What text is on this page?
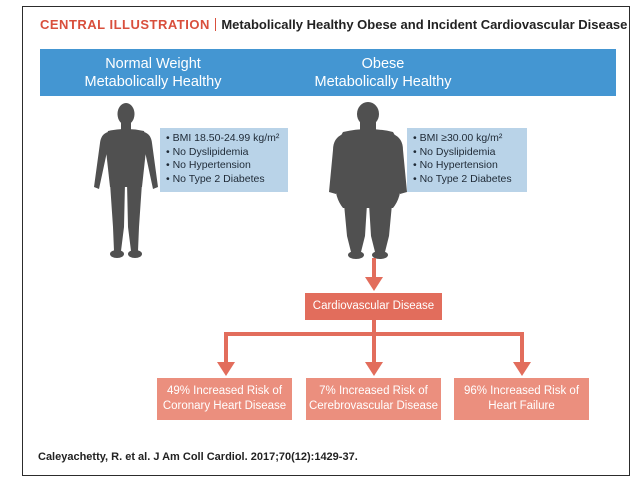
CENTRAL ILLUSTRATION Metabolically Healthy Obese and Incident Cardiovascular Disease
Normal Weight
Metabolically Healthy
Obese
Metabolically Healthy
• BMI 18.50-24.99 kg/m²
• No Dyslipidemia
• No Hypertension
• No Type 2 Diabetes
• BMI ≥30.00 kg/m²
• No Dyslipidemia
• No Hypertension
• No Type 2 Diabetes
Cardiovascular Disease
49% Increased Risk of
Coronary Heart Disease
7% Increased Risk of
Cerebrovascular Disease
96% Increased Risk of
Heart Failure
Caleyachetty, R. et al. J Am Coll Cardiol. 2017;70(12):1429-37.
